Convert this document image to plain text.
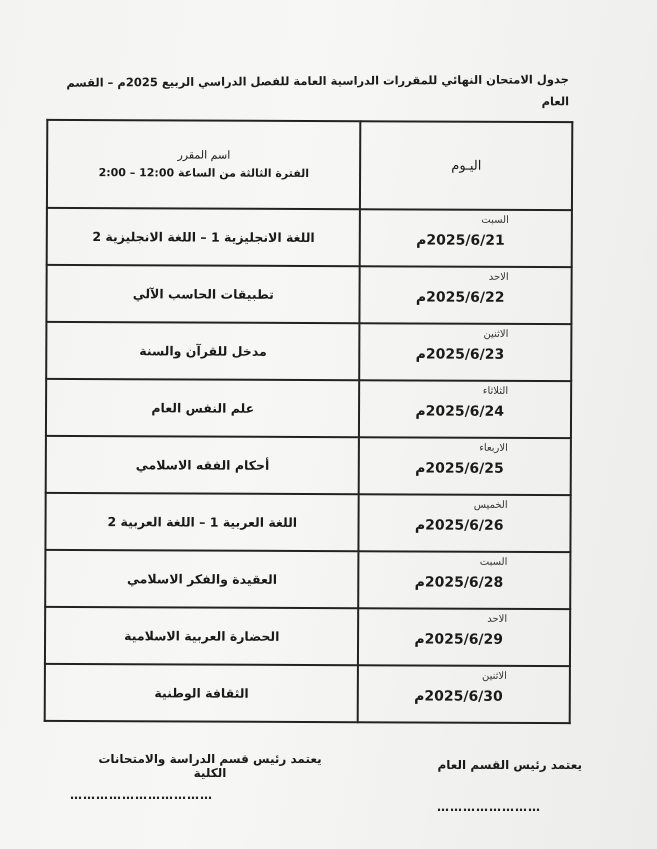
جدول الامتحان النهائي للمقررات الدراسية العامة للفصل الدراسي الربيع 2025م – القسم العام
اليـوم	اسم المقرر
الفترة الثالثة من الساعة 12:00 – 2:00

السبت
2025/6/21م	اللغة الانجليزية 1 – اللغة الانجليزية 2

الاحد
2025/6/22م	تطبيقات الحاسب الآلي

الاثنين
2025/6/23م	مدخل للقرآن والسنة

الثلاثاء
2025/6/24م	علم النفس العام

الاربعاء
2025/6/25م	أحكام الفقه الاسلامي

الخميس
2025/6/26م	اللغة العربية 1 – اللغة العربية 2

السبت
2025/6/28م	العقيدة والفكر الاسلامي

الاحد
2025/6/29م	الحضارة العربية الاسلامية

الاثنين
2025/6/30م	الثقافة الوطنية
يعتمد رئيس قسم الدراسة والامتحانات الكلية
يعتمد رئيس القسم العام
……………………………
……………………
